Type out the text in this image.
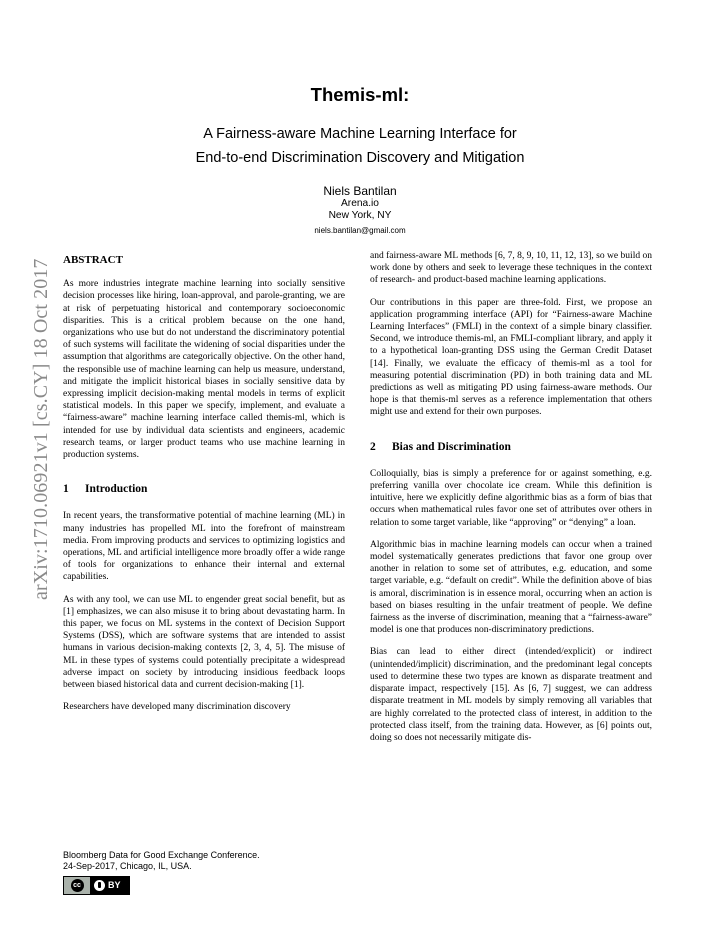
Themis-ml:
A Fairness-aware Machine Learning Interface for
End-to-end Discrimination Discovery and Mitigation
Niels Bantilan
Arena.io
New York, NY
niels.bantilan@gmail.com
arXiv:1710.06921v1 [cs.CY] 18 Oct 2017 ABSTRACT

As more industries integrate machine learning into socially sensitive decision processes like hiring, loan-approval, and parole-granting, we are at risk of perpetuating historical and contemporary socioeconomic disparities. This is a critical problem because on the one hand, organizations who use but do not understand the discriminatory potential of such systems will facilitate the widening of social disparities under the assumption that algorithms are categorically objective. On the other hand, the responsible use of machine learning can help us measure, understand, and mitigate the implicit historical biases in socially sensitive data by expressing implicit decision-making mental models in terms of explicit statistical models. In this paper we specify, implement, and evaluate a “fairness-aware” machine learning interface called themis-ml, which is intended for use by individual data scientists and engineers, academic research teams, or larger product teams who use machine learning in production systems.

1 Introduction

In recent years, the transformative potential of machine learning (ML) in many industries has propelled ML into the forefront of mainstream media. From improving products and services to optimizing logistics and operations, ML and artificial intelligence more broadly offer a wide range of tools for organizations to enhance their internal and external capabilities.

As with any tool, we can use ML to engender great social benefit, but as [1] emphasizes, we can also misuse it to bring about devastating harm. In this paper, we focus on ML systems in the context of Decision Support Systems (DSS), which are software systems that are intended to assist humans in various decision-making contexts [2, 3, 4, 5]. The misuse of ML in these types of systems could potentially precipitate a widespread adverse impact on society by introducing insidious feedback loops between biased historical data and current decision-making [1].

Researchers have developed many discrimination discovery

and fairness-aware ML methods [6, 7, 8, 9, 10, 11, 12, 13], so we build on work done by others and seek to leverage these techniques in the context of research- and product-based machine learning applications.

Our contributions in this paper are three-fold. First, we propose an application programming interface (API) for “Fairness-aware Machine Learning Interfaces” (FMLI) in the context of a simple binary classifier. Second, we introduce themis-ml, an FMLI-compliant library, and apply it to a hypothetical loan-granting DSS using the German Credit Dataset [14]. Finally, we evaluate the efficacy of themis-ml as a tool for measuring potential discrimination (PD) in both training data and ML predictions as well as mitigating PD using fairness-aware methods. Our hope is that themis-ml serves as a reference implementation that others might use and extend for their own purposes.

2 Bias and Discrimination

Colloquially, bias is simply a preference for or against something, e.g. preferring vanilla over chocolate ice cream. While this definition is intuitive, here we explicitly define algorithmic bias as a form of bias that occurs when mathematical rules favor one set of attributes over others in relation to some target variable, like “approving” or “denying” a loan.

Algorithmic bias in machine learning models can occur when a trained model systematically generates predictions that favor one group over another in relation to some set of attributes, e.g. education, and some target variable, e.g. “default on credit”. While the definition above of bias is amoral, discrimination is in essence moral, occurring when an action is based on biases resulting in the unfair treatment of people. We define fairness as the inverse of discrimination, meaning that a “fairness-aware” model is one that produces non-discriminatory predictions.

Bias can lead to either direct (intended/explicit) or indirect (unintended/implicit) discrimination, and the predominant legal concepts used to determine these two types are known as disparate treatment and disparate impact, respectively [15]. As [6, 7] suggest, we can address disparate treatment in ML models by simply removing all variables that are highly correlated to the protected class of interest, in addition to the protected class itself, from the training data. However, as [6] points out, doing so does not necessarily mitigate dis-

Bloomberg Data for Good Exchange Conference.
24-Sep-2017, Chicago, IL, USA.
cc	BY
